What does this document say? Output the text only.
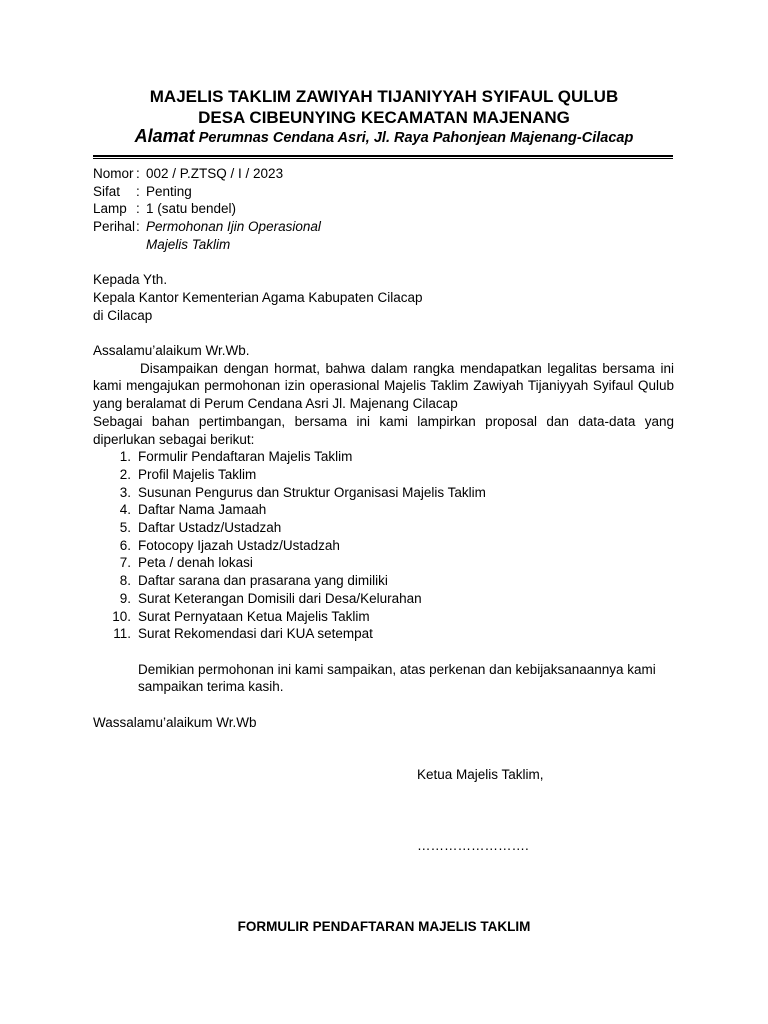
MAJELIS TAKLIM ZAWIYAH TIJANIYYAH SYIFAUL QULUB
DESA CIBEUNYING KECAMATAN MAJENANG
Alamat Perumnas Cendana Asri, Jl. Raya Pahonjean Majenang-Cilacap
Nomor : 002 / P.ZTSQ / I / 2023
Sifat	: Penting
Lamp : 1 (satu bendel)
Perihal : Permohonan Ijin Operasional
Majelis Taklim
Kepada Yth.
Kepala Kantor Kementerian Agama Kabupaten Cilacap
di Cilacap
Assalamu’alaikum Wr.Wb.
Disampaikan dengan hormat, bahwa dalam rangka mendapatkan legalitas bersama ini kami mengajukan permohonan izin operasional Majelis Taklim Zawiyah Tijaniyyah Syifaul Qulub yang beralamat di Perum Cendana Asri Jl. Majenang Cilacap
Sebagai bahan pertimbangan, bersama ini kami lampirkan proposal dan data-data yang diperlukan sebagai berikut:
1. Formulir Pendaftaran Majelis Taklim
2. Profil Majelis Taklim
3. Susunan Pengurus dan Struktur Organisasi Majelis Taklim
4. Daftar Nama Jamaah
5. Daftar Ustadz/Ustadzah
6. Fotocopy Ijazah Ustadz/Ustadzah
7. Peta / denah lokasi
8. Daftar sarana dan prasarana yang dimiliki
9. Surat Keterangan Domisili dari Desa/Kelurahan
10. Surat Pernyataan Ketua Majelis Taklim
11. Surat Rekomendasi dari KUA setempat
Demikian permohonan ini kami sampaikan, atas perkenan dan kebijaksanaannya kami sampaikan terima kasih.
Wassalamu’alaikum Wr.Wb
Ketua Majelis Taklim,
…………………….
FORMULIR PENDAFTARAN MAJELIS TAKLIM
